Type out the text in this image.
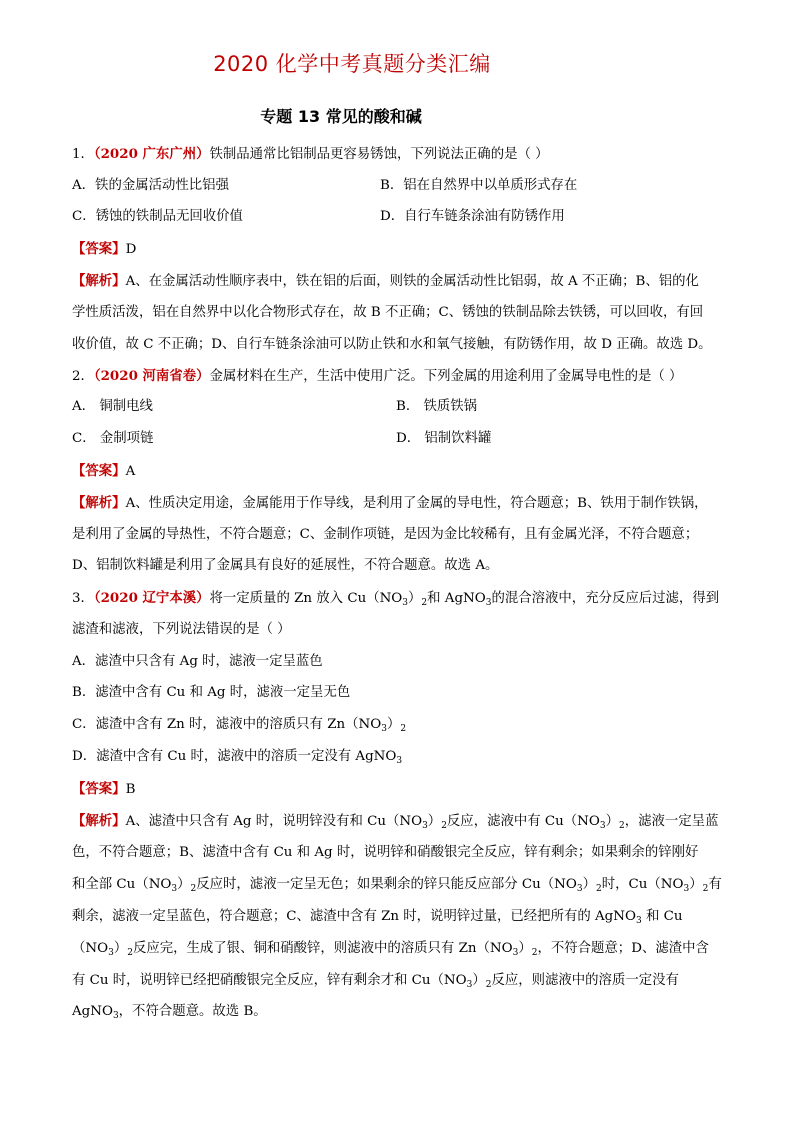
2020 化学中考真题分类汇编
专题 13 常见的酸和碱
1．（2020 广东广州）铁制品通常比铝制品更容易锈蚀，下列说法正确的是（ ）
A．铁的金属活动性比铝强	B．铝在自然界中以单质形式存在
C．锈蚀的铁制品无回收价值	D．自行车链条涂油有防锈作用
【答案】D
【解析】A、在金属活动性顺序表中，铁在铝的后面，则铁的金属活动性比铝弱，故 A 不正确；B、铝的化
学性质活泼，铝在自然界中以化合物形式存在，故 B 不正确；C、锈蚀的铁制品除去铁锈，可以回收，有回
收价值，故 C 不正确；D、自行车链条涂油可以防止铁和水和氧气接触，有防锈作用，故 D 正确。故选 D。
2．（2020 河南省卷）金属材料在生产，生活中使用广泛。下列金属的用途利用了金属导电性的是（ ）
A． 铜制电线	B． 铁质铁锅
C． 金制项链	D． 铝制饮料罐
【答案】A
【解析】A、性质决定用途，金属能用于作导线，是利用了金属的导电性，符合题意；B、铁用于制作铁锅，
是利用了金属的导热性，不符合题意；C、金制作项链，是因为金比较稀有，且有金属光泽，不符合题意；
D、铝制饮料罐是利用了金属具有良好的延展性，不符合题意。故选 A。
3．（2020 辽宁本溪）将一定质量的 Zn 放入 $Cu(NO_3)_2$和 AgNO$_3$的混合溶液中，充分反应后过滤，得到
滤渣和滤液，下列说法错误的是（ ）
A．滤渣中只含有 Ag 时，滤液一定呈蓝色
B．滤渣中含有 Cu 和 Ag 时，滤液一定呈无色
C．滤渣中含有 Zn 时，滤液中的溶质只有 $Zn(NO_3)_2$
D．滤渣中含有 Cu 时，滤液中的溶质一定没有 AgNO$_3$
【答案】B
【解析】A、滤渣中只含有 Ag 时，说明锌没有和 $Cu(NO_3)_2$反应，滤液中有 $Cu(NO_3)_2$，滤液一定呈蓝
色，不符合题意；B、滤渣中含有 Cu 和 Ag 时，说明锌和硝酸银完全反应，锌有剩余；如果剩余的锌刚好
和全部 $Cu(NO_3)_2$反应时，滤液一定呈无色；如果剩余的锌只能反应部分 $Cu(NO_3)_2$时，$Cu(NO_3)_2$有
剩余，滤液一定呈蓝色，符合题意；C、滤渣中含有 Zn 时，说明锌过量，已经把所有的 AgNO$_3$ 和 Cu
$(NO_3)_2$反应完，生成了银、铜和硝酸锌，则滤液中的溶质只有 $Zn(NO_3)_2$，不符合题意；D、滤渣中含
有 Cu 时，说明锌已经把硝酸银完全反应，锌有剩余才和 $Cu(NO_3)_2$反应，则滤液中的溶质一定没有
AgNO$_3$，不符合题意。故选 B。
